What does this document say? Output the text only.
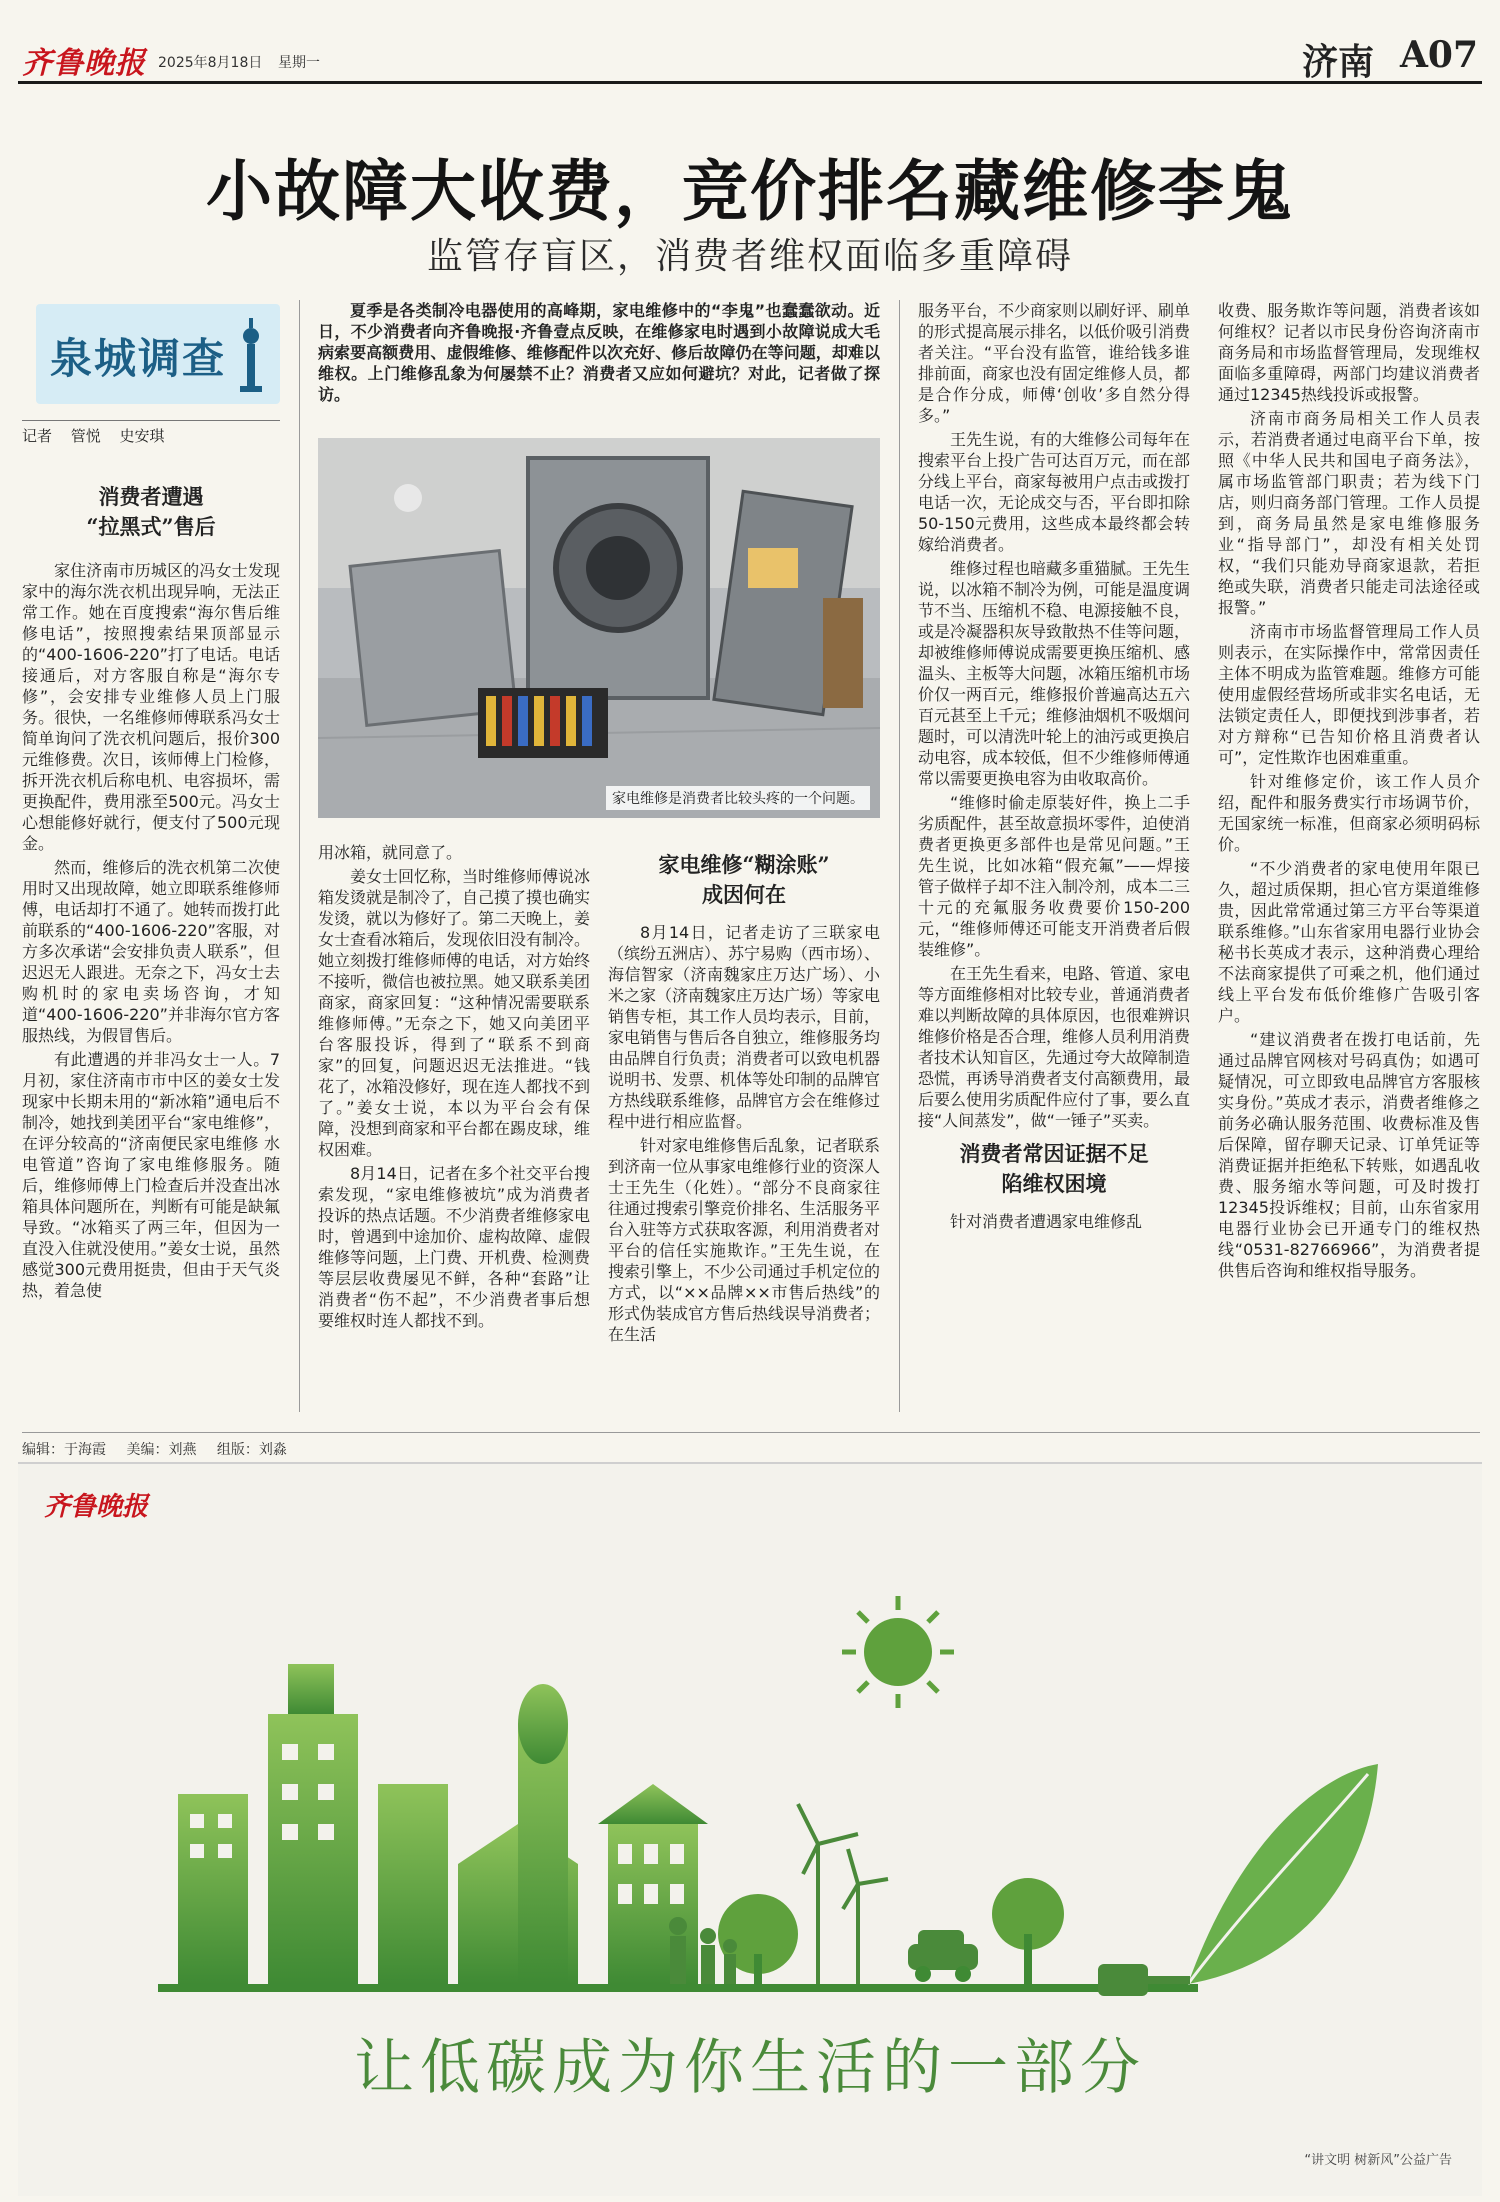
齐鲁晚报 2025年8月18日 星期一	济南 A07
小故障大收费，竞价排名藏维修李鬼
监管存盲区，消费者维权面临多重障碍
泉城调查
记者 管悦 史安琪
消费者遭遇
“拉黑式”售后

家住济南市历城区的冯女士发现家中的海尔洗衣机出现异响，无法正常工作。她在百度搜索“海尔售后维修电话”，按照搜索结果顶部显示的“400-1606-220”打了电话。电话接通后，对方客服自称是“海尔专修”，会安排专业维修人员上门服务。很快，一名维修师傅联系冯女士简单询问了洗衣机问题后，报价300元维修费。次日，该师傅上门检修，拆开洗衣机后称电机、电容损坏，需更换配件，费用涨至500元。冯女士心想能修好就行，便支付了500元现金。

然而，维修后的洗衣机第二次使用时又出现故障，她立即联系维修师傅，电话却打不通了。她转而拨打此前联系的“400-1606-220”客服，对方多次承诺“会安排负责人联系”，但迟迟无人跟进。无奈之下，冯女士去购机时的家电卖场咨询，才知道“400-1606-220”并非海尔官方客服热线，为假冒售后。

有此遭遇的并非冯女士一人。7月初，家住济南市市中区的姜女士发现家中长期未用的“新冰箱”通电后不制冷，她找到美团平台“家电维修”，在评分较高的“济南便民家电维修 水电管道”咨询了家电维修服务。随后，维修师傅上门检查后并没查出冰箱具体问题所在，判断有可能是缺氟导致。“冰箱买了两三年，但因为一直没入住就没使用。”姜女士说，虽然感觉300元费用挺贵，但由于天气炎热，着急使

夏季是各类制冷电器使用的高峰期，家电维修中的“李鬼”也蠢蠢欲动。近日，不少消费者向齐鲁晚报·齐鲁壹点反映，在维修家电时遇到小故障说成大毛病索要高额费用、虚假维修、维修配件以次充好、修后故障仍在等问题，却难以维权。上门维修乱象为何屡禁不止？消费者又应如何避坑？对此，记者做了探访。

家电维修是消费者比较头疼的一个问题。

用冰箱，就同意了。

姜女士回忆称，当时维修师傅说冰箱发烫就是制冷了，自己摸了摸也确实发烫，就以为修好了。第二天晚上，姜女士查看冰箱后，发现依旧没有制冷。她立刻拨打维修师傅的电话，对方始终不接听，微信也被拉黑。她又联系美团商家，商家回复：“这种情况需要联系维修师傅。”无奈之下，她又向美团平台客服投诉，得到了“联系不到商家”的回复，问题迟迟无法推进。“钱花了，冰箱没修好，现在连人都找不到了。”姜女士说，本以为平台会有保障，没想到商家和平台都在踢皮球，维权困难。

8月14日，记者在多个社交平台搜索发现，“家电维修被坑”成为消费者投诉的热点话题。不少消费者维修家电时，曾遇到中途加价、虚构故障、虚假维修等问题，上门费、开机费、检测费等层层收费屡见不鲜，各种“套路”让消费者“伤不起”，不少消费者事后想要维权时连人都找不到。

家电维修“糊涂账”
成因何在

8月14日，记者走访了三联家电（缤纷五洲店）、苏宁易购（西市场）、海信智家（济南魏家庄万达广场）、小米之家（济南魏家庄万达广场）等家电销售专柜，其工作人员均表示，目前，家电销售与售后各自独立，维修服务均由品牌自行负责；消费者可以致电机器说明书、发票、机体等处印制的品牌官方热线联系维修，品牌官方会在维修过程中进行相应监督。

针对家电维修售后乱象，记者联系到济南一位从事家电维修行业的资深人士王先生（化姓）。“部分不良商家往往通过搜索引擎竞价排名、生活服务平台入驻等方式获取客源，利用消费者对平台的信任实施欺诈。”王先生说，在搜索引擎上，不少公司通过手机定位的方式，以“××品牌××市售后热线”的形式伪装成官方售后热线误导消费者；在生活

服务平台，不少商家则以刷好评、刷单的形式提高展示排名，以低价吸引消费者关注。“平台没有监管，谁给钱多谁排前面，商家也没有固定维修人员，都是合作分成，师傅‘创收’多自然分得多。”

王先生说，有的大维修公司每年在搜索平台上投广告可达百万元，而在部分线上平台，商家每被用户点击或拨打电话一次，无论成交与否，平台即扣除50-150元费用，这些成本最终都会转嫁给消费者。

维修过程也暗藏多重猫腻。王先生说，以冰箱不制冷为例，可能是温度调节不当、压缩机不稳、电源接触不良，或是冷凝器积灰导致散热不佳等问题，却被维修师傅说成需要更换压缩机、感温头、主板等大问题，冰箱压缩机市场价仅一两百元，维修报价普遍高达五六百元甚至上千元；维修油烟机不吸烟问题时，可以清洗叶轮上的油污或更换启动电容，成本较低，但不少维修师傅通常以需要更换电容为由收取高价。

“维修时偷走原装好件，换上二手劣质配件，甚至故意损坏零件，迫使消费者更换更多部件也是常见问题。”王先生说，比如冰箱“假充氟”——焊接管子做样子却不注入制冷剂，成本二三十元的充氟服务收费要价150-200元，“维修师傅还可能支开消费者后假装维修”。

在王先生看来，电路、管道、家电等方面维修相对比较专业，普通消费者难以判断故障的具体原因，也很难辨识维修价格是否合理，维修人员利用消费者技术认知盲区，先通过夸大故障制造恐慌，再诱导消费者支付高额费用，最后要么使用劣质配件应付了事，要么直接“人间蒸发”，做“一锤子”买卖。

消费者常因证据不足
陷维权困境

针对消费者遭遇家电维修乱

收费、服务欺诈等问题，消费者该如何维权？记者以市民身份咨询济南市商务局和市场监督管理局，发现维权面临多重障碍，两部门均建议消费者通过12345热线投诉或报警。

济南市商务局相关工作人员表示，若消费者通过电商平台下单，按照《中华人民共和国电子商务法》，属市场监管部门职责；若为线下门店，则归商务部门管理。工作人员提到，商务局虽然是家电维修服务业“指导部门”，却没有相关处罚权，“我们只能劝导商家退款，若拒绝或失联，消费者只能走司法途径或报警。”

济南市市场监督管理局工作人员则表示，在实际操作中，常常因责任主体不明成为监管难题。维修方可能使用虚假经营场所或非实名电话，无法锁定责任人，即便找到涉事者，若对方辩称“已告知价格且消费者认可”，定性欺诈也困难重重。

针对维修定价，该工作人员介绍，配件和服务费实行市场调节价，无国家统一标准，但商家必须明码标价。

“不少消费者的家电使用年限已久，超过质保期，担心官方渠道维修贵，因此常常通过第三方平台等渠道联系维修。”山东省家用电器行业协会秘书长英成才表示，这种消费心理给不法商家提供了可乘之机，他们通过线上平台发布低价维修广告吸引客户。

“建议消费者在拨打电话前，先通过品牌官网核对号码真伪；如遇可疑情况，可立即致电品牌官方客服核实身份。”英成才表示，消费者维修之前务必确认服务范围、收费标准及售后保障，留存聊天记录、订单凭证等消费证据并拒绝私下转账，如遇乱收费、服务缩水等问题，可及时拨打12345投诉维权；目前，山东省家用电器行业协会已开通专门的维权热线“0531-82766966”，为消费者提供售后咨询和维权指导服务。

编辑：于海霞 美编：刘燕 组版：刘淼
齐鲁晚报
让低碳成为你生活的一部分
“讲文明 树新风”公益广告
